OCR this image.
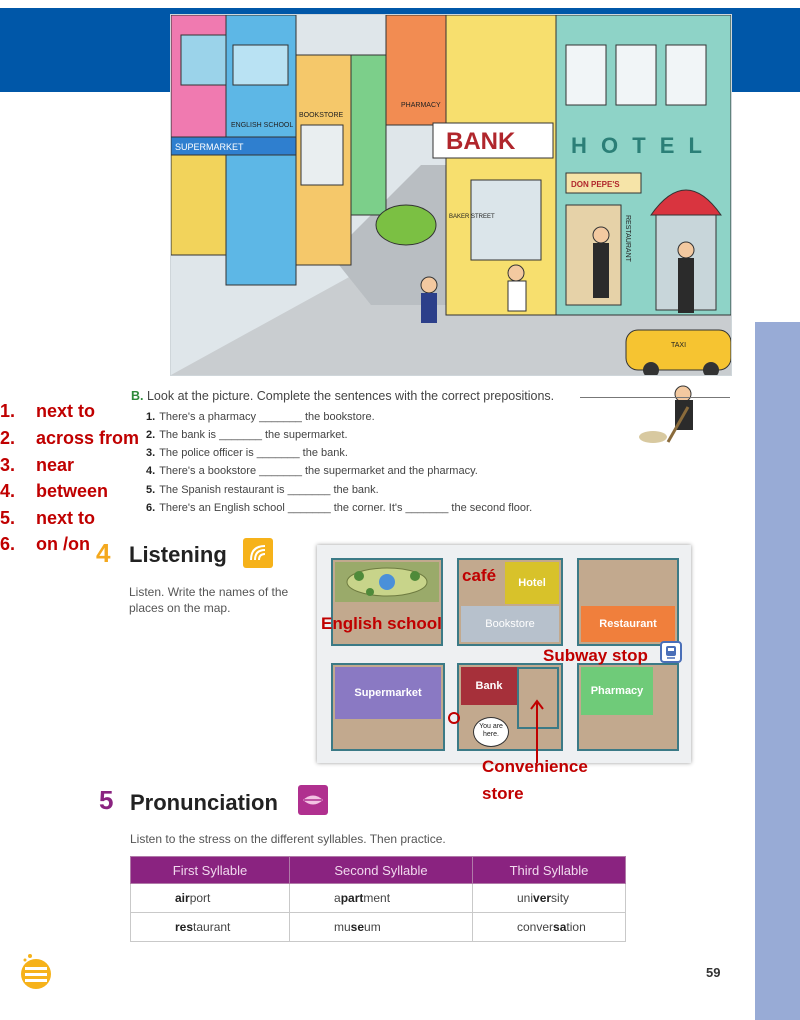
ENGLISH SCHOOL
SUPERMARKET
BOOKSTORE
PHARMACY
BANK
BAKER STREET
H O T E L
DON PEPE'S
RESTAURANT
TAXI
B. Look at the picture. Complete the sentences with the correct prepositions.
1. There's a pharmacy _______ the bookstore.
2. The bank is _______ the supermarket.
3. The police officer is _______ the bank.
4. There's a bookstore _______ the supermarket and the pharmacy.
5. The Spanish restaurant is _______ the bank.
6. There's an English school _______ the corner. It's _______ the second floor.
1. next to
2. across from
3. near
4. between
5. next to
6. on /on 4 Listening
Listen. Write the names of the places on the map.
Hotel
Bookstore	Restaurant
Supermarket
Bank
You are here.
Pharmacy
café
English school
Subway stop
Convenience
store
5 Pronunciation
Listen to the stress on the different syllables. Then practice.
First Syllable	Second Syllable	Third Syllable
airport	apartment	university
restaurant	museum	conversation
59
